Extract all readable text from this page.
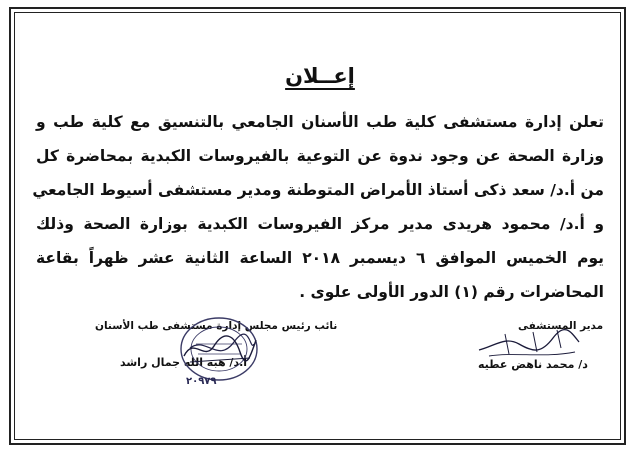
إعــلان
تعلن إدارة مستشفى كلية طب الأسنان الجامعي بالتنسيق مع كلية طب و
وزارة الصحة عن وجود ندوة عن التوعية بالفيروسات الكبدية بمحاضرة كل
من أ.د/ سعد ذكى أستاذ الأمراض المتوطنة ومدير مستشفى أسيوط الجامعي
و أ.د/ محمود هريدى مدير مركز الفيروسات الكبدية بوزارة الصحة وذلك
يوم الخميس الموافق ٦ ديسمبر ٢٠١٨ الساعة الثانية عشر ظهراً بقاعة
المحاضرات رقم (١) الدور الأولى علوى .
نائب رئيس مجلس إدارة مستشفى طب الأسنان
أ.د/ هبه الله جمال راشد
٢٠٩٧٩
مدير المستشفى
د/ محمد ناهض عطيه
